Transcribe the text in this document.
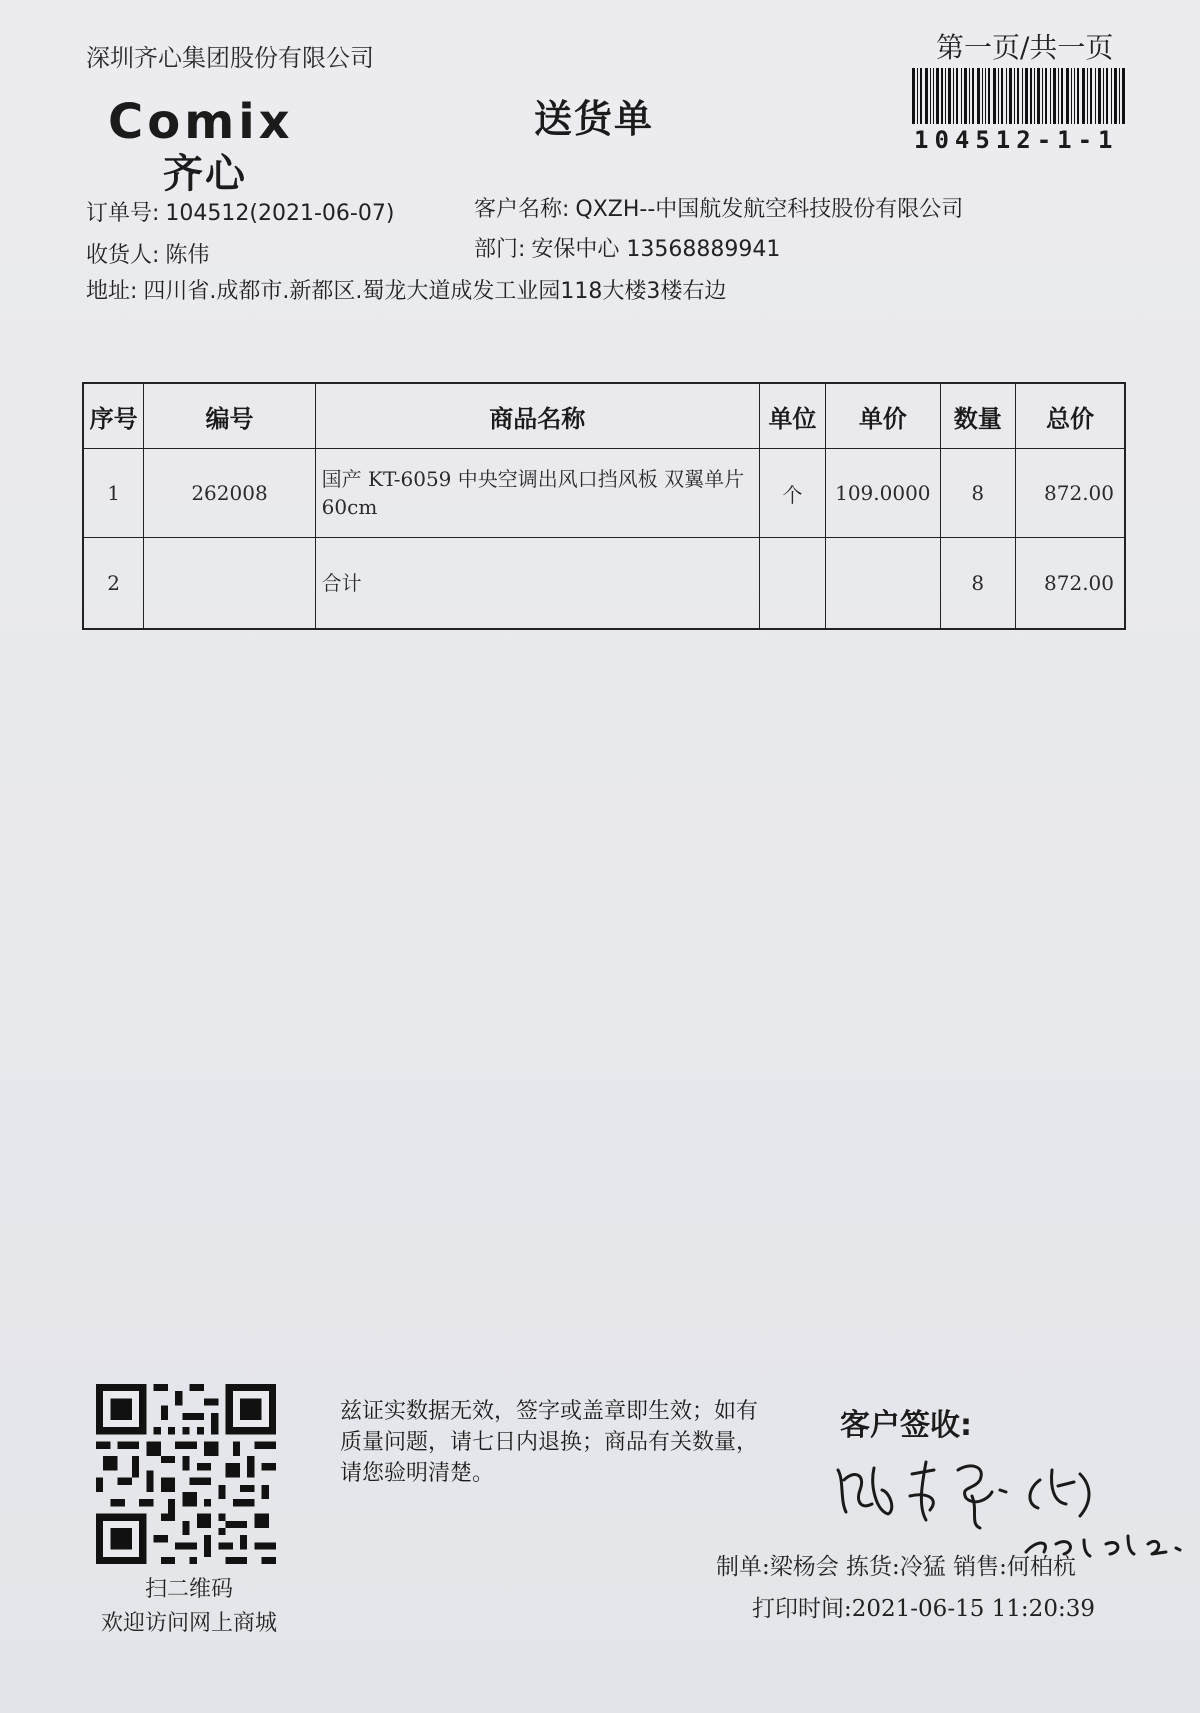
深圳齐心集团股份有限公司	第一页/共一页
Comix
齐心
送货单	104512-1-1
订单号: 104512(2021-06-07)	客户名称: QXZH--中国航发航空科技股份有限公司
收货人: 陈伟	部门: 安保中心 13568889941
地址: 四川省.成都市.新都区.蜀龙大道成发工业园118大楼3楼右边
序号	编号	商品名称	单位	单价	数量	总价
1	262008	国产 KT-6059 中央空调出风口挡风板 双翼单片 60cm	个	109.0000	8	872.00
2		合计			8	872.00
扫二维码
欢迎访问网上商城
兹证实数据无效，签字或盖章即生效；如有质量问题，请七日内退换；商品有关数量，请您验明清楚。
客户签收:
制单:梁杨会 拣货:冷猛 销售:何柏杭
打印时间:2021-06-15 11:20:39
